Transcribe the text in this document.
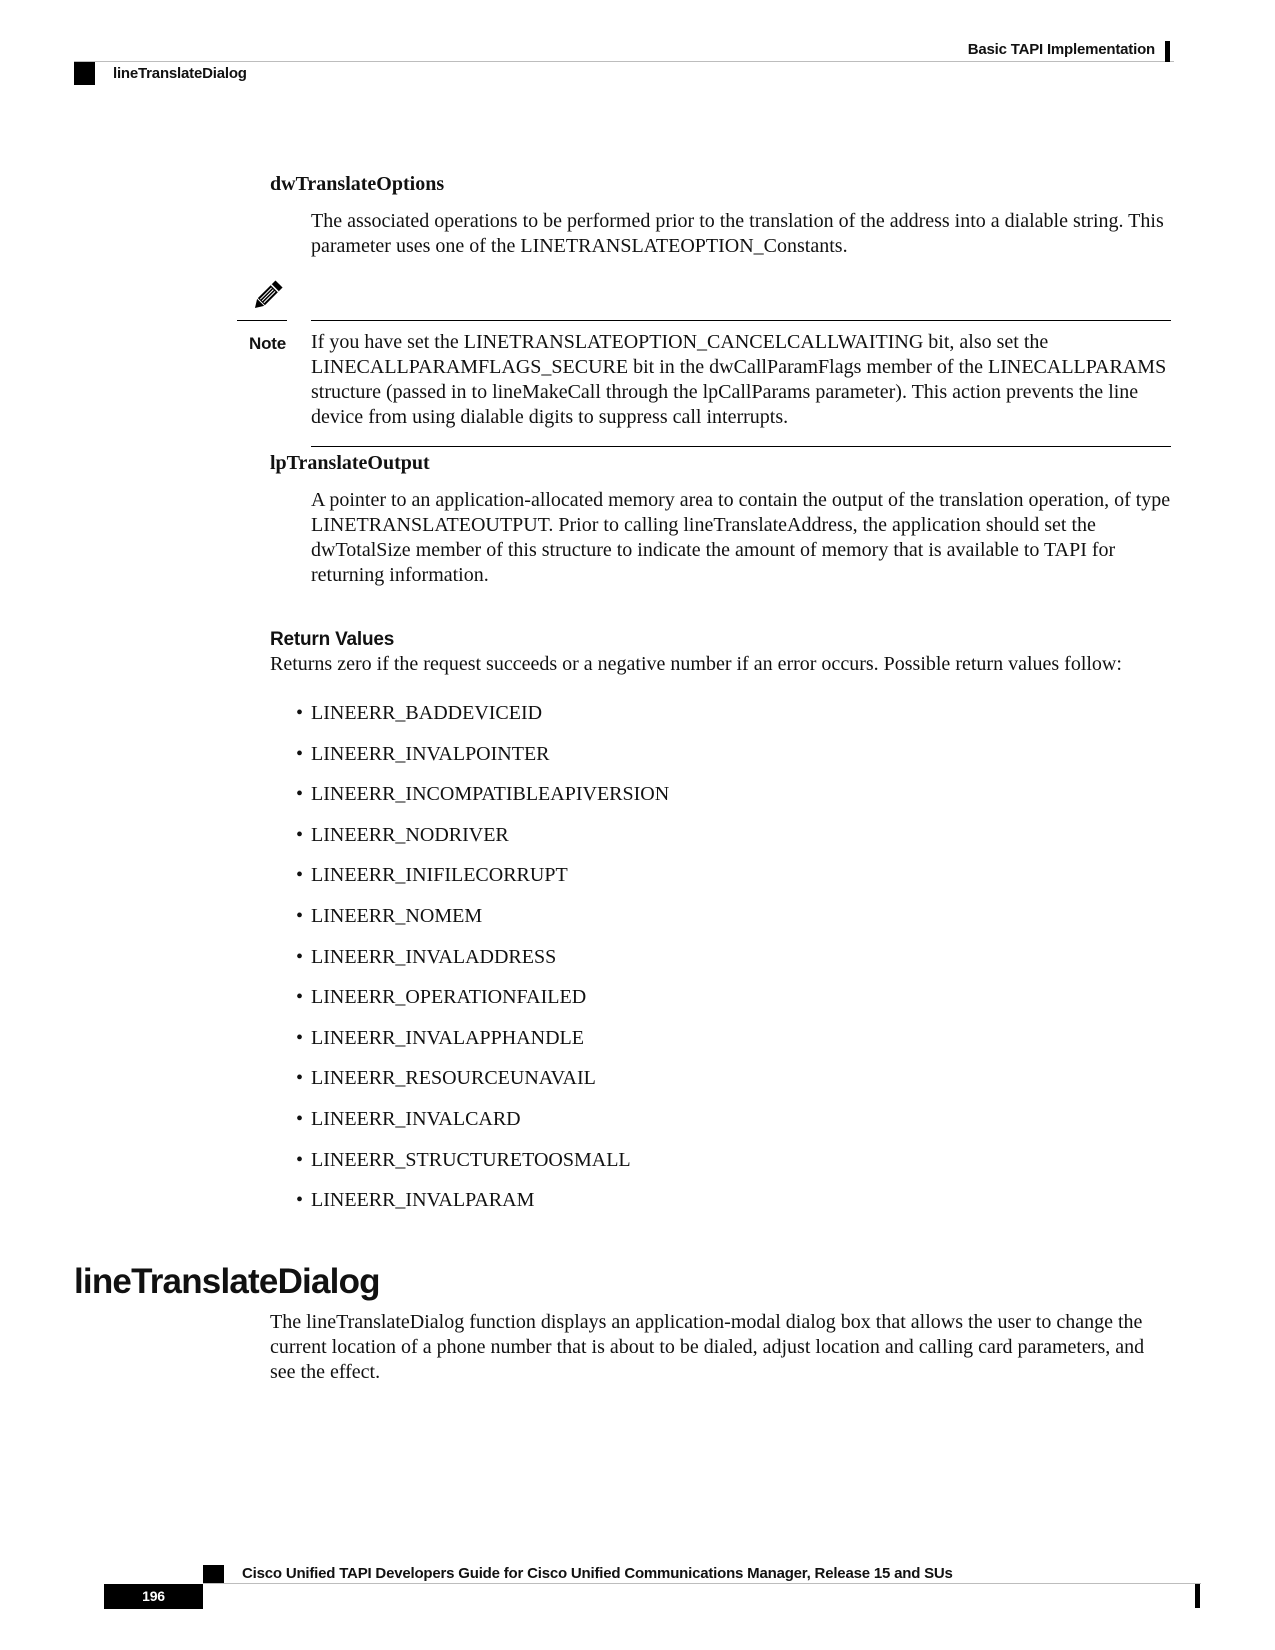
Basic TAPI Implementation
lineTranslateDialog
dwTranslateOptions
The associated operations to be performed prior to the translation of the address into a dialable string. This parameter uses one of the LINETRANSLATEOPTION_Constants.
Note If you have set the LINETRANSLATEOPTION_CANCELCALLWAITING bit, also set the LINECALLPARAMFLAGS_SECURE bit in the dwCallParamFlags member of the LINECALLPARAMS structure (passed in to lineMakeCall through the lpCallParams parameter). This action prevents the line device from using dialable digits to suppress call interrupts.
lpTranslateOutput
A pointer to an application-allocated memory area to contain the output of the translation operation, of type LINETRANSLATEOUTPUT. Prior to calling lineTranslateAddress, the application should set the dwTotalSize member of this structure to indicate the amount of memory that is available to TAPI for returning information.
Return Values
Returns zero if the request succeeds or a negative number if an error occurs. Possible return values follow:
• LINEERR_BADDEVICEID
• LINEERR_INVALPOINTER
• LINEERR_INCOMPATIBLEAPIVERSION
• LINEERR_NODRIVER
• LINEERR_INIFILECORRUPT
• LINEERR_NOMEM
• LINEERR_INVALADDRESS
• LINEERR_OPERATIONFAILED
• LINEERR_INVALAPPHANDLE
• LINEERR_RESOURCEUNAVAIL
• LINEERR_INVALCARD
• LINEERR_STRUCTURETOOSMALL
• LINEERR_INVALPARAM
lineTranslateDialog
The lineTranslateDialog function displays an application-modal dialog box that allows the user to change the current location of a phone number that is about to be dialed, adjust location and calling card parameters, and see the effect.
Cisco Unified TAPI Developers Guide for Cisco Unified Communications Manager, Release 15 and SUs
196
